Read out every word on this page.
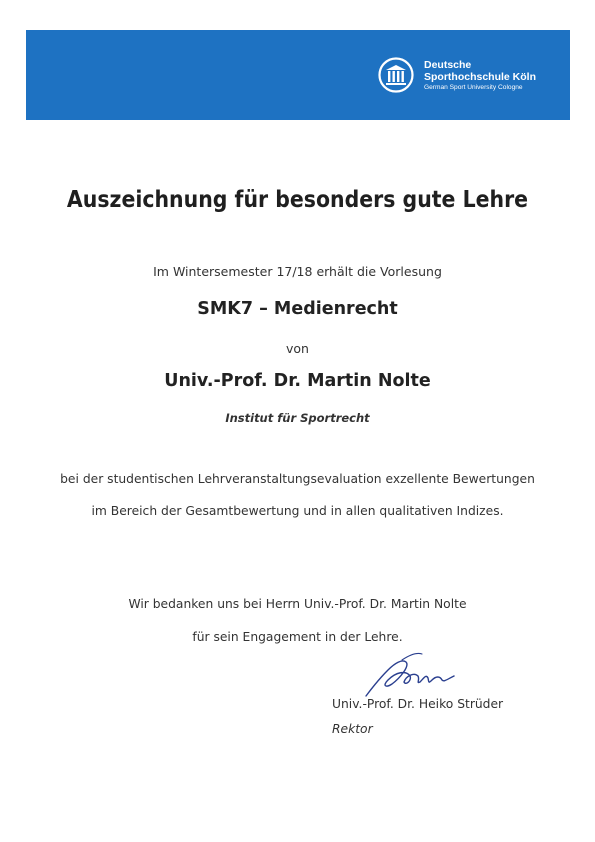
Deutsche
Sporthochschule Köln
German Sport University Cologne
Auszeichnung für besonders gute Lehre
Im Wintersemester 17/18 erhält die Vorlesung
SMK7 – Medienrecht
von
Univ.-Prof. Dr. Martin Nolte
Institut für Sportrecht
bei der studentischen Lehrveranstaltungsevaluation exzellente Bewertungen
im Bereich der Gesamtbewertung und in allen qualitativen Indizes.
Wir bedanken uns bei Herrn Univ.-Prof. Dr. Martin Nolte
für sein Engagement in der Lehre.
Univ.-Prof. Dr. Heiko Strüder
Rektor
